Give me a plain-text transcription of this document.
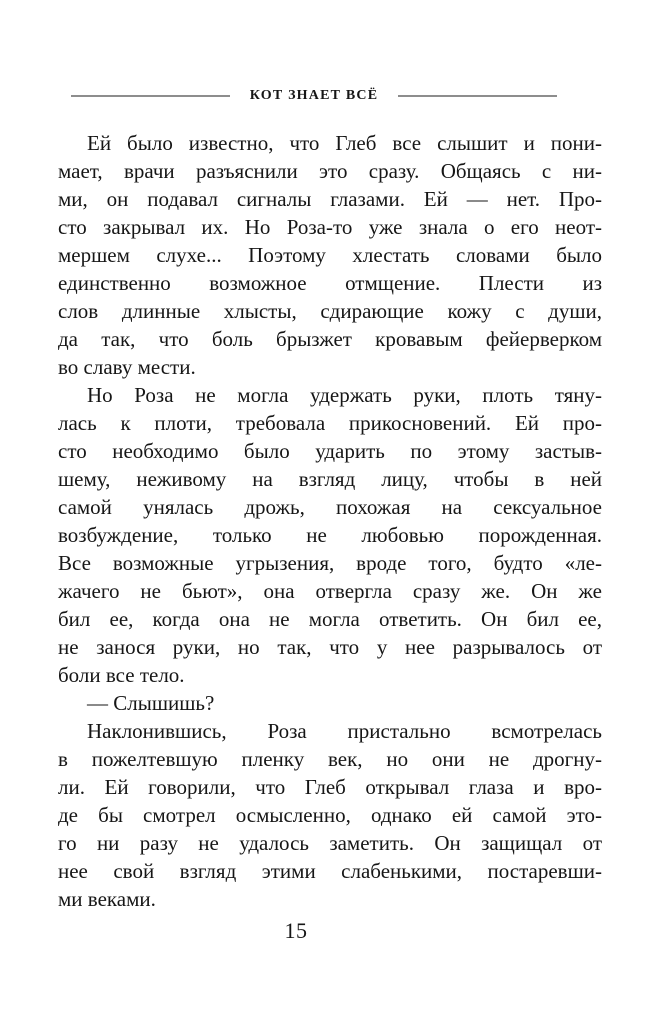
КОТ ЗНАЕТ ВСЁ
Ей было известно, что Глеб все слышит и пони-
мает, врачи разъяснили это сразу. Общаясь с ни-
ми, он подавал сигналы глазами. Ей — нет. Про-
сто закрывал их. Но Роза-то уже знала о его неот-
мершем слухе... Поэтому хлестать словами было
единственно возможное отмщение. Плести из
слов длинные хлысты, сдирающие кожу с души,
да так, что боль брызжет кровавым фейерверком
во славу мести.
Но Роза не могла удержать руки, плоть тяну-
лась к плоти, требовала прикосновений. Ей про-
сто необходимо было ударить по этому застыв-
шему, неживому на взгляд лицу, чтобы в ней
самой унялась дрожь, похожая на сексуальное
возбуждение, только не любовью порожденная.
Все возможные угрызения, вроде того, будто «ле-
жачего не бьют», она отвергла сразу же. Он же
бил ее, когда она не могла ответить. Он бил ее,
не занося руки, но так, что у нее разрывалось от
боли все тело.
— Слышишь?
Наклонившись, Роза пристально всмотрелась
в пожелтевшую пленку век, но они не дрогну-
ли. Ей говорили, что Глеб открывал глаза и вро-
де бы смотрел осмысленно, однако ей самой это-
го ни разу не удалось заметить. Он защищал от
нее свой взгляд этими слабенькими, постаревши-
ми веками.
15
